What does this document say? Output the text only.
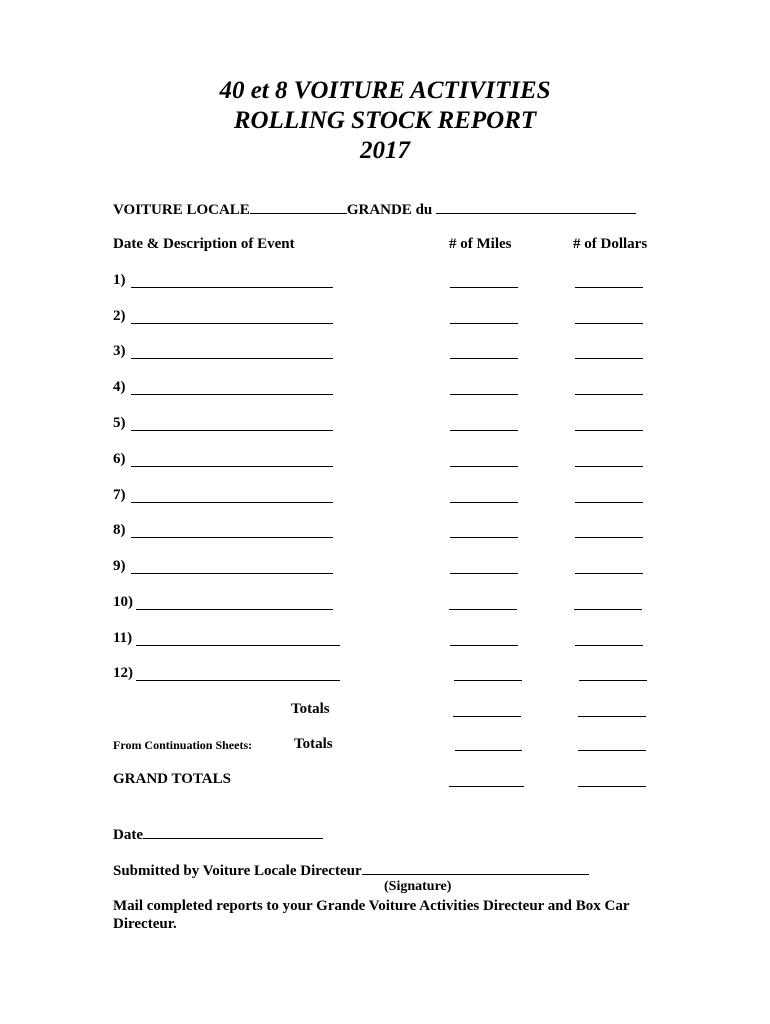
40 et 8 VOITURE ACTIVITIES
ROLLING STOCK REPORT
2017
VOITURE LOCALE	GRANDE du
Date & Description of Event	# of Miles	# of Dollars
1)
2)
3)
4)
5)
6)
7)
8)
9)
10)
11)
12)
Totals
From Continuation Sheets:	Totals
GRAND TOTALS
Date
Submitted by Voiture Locale Directeur
(Signature)
Mail completed reports to your Grande Voiture Activities Directeur and Box Car Directeur.
